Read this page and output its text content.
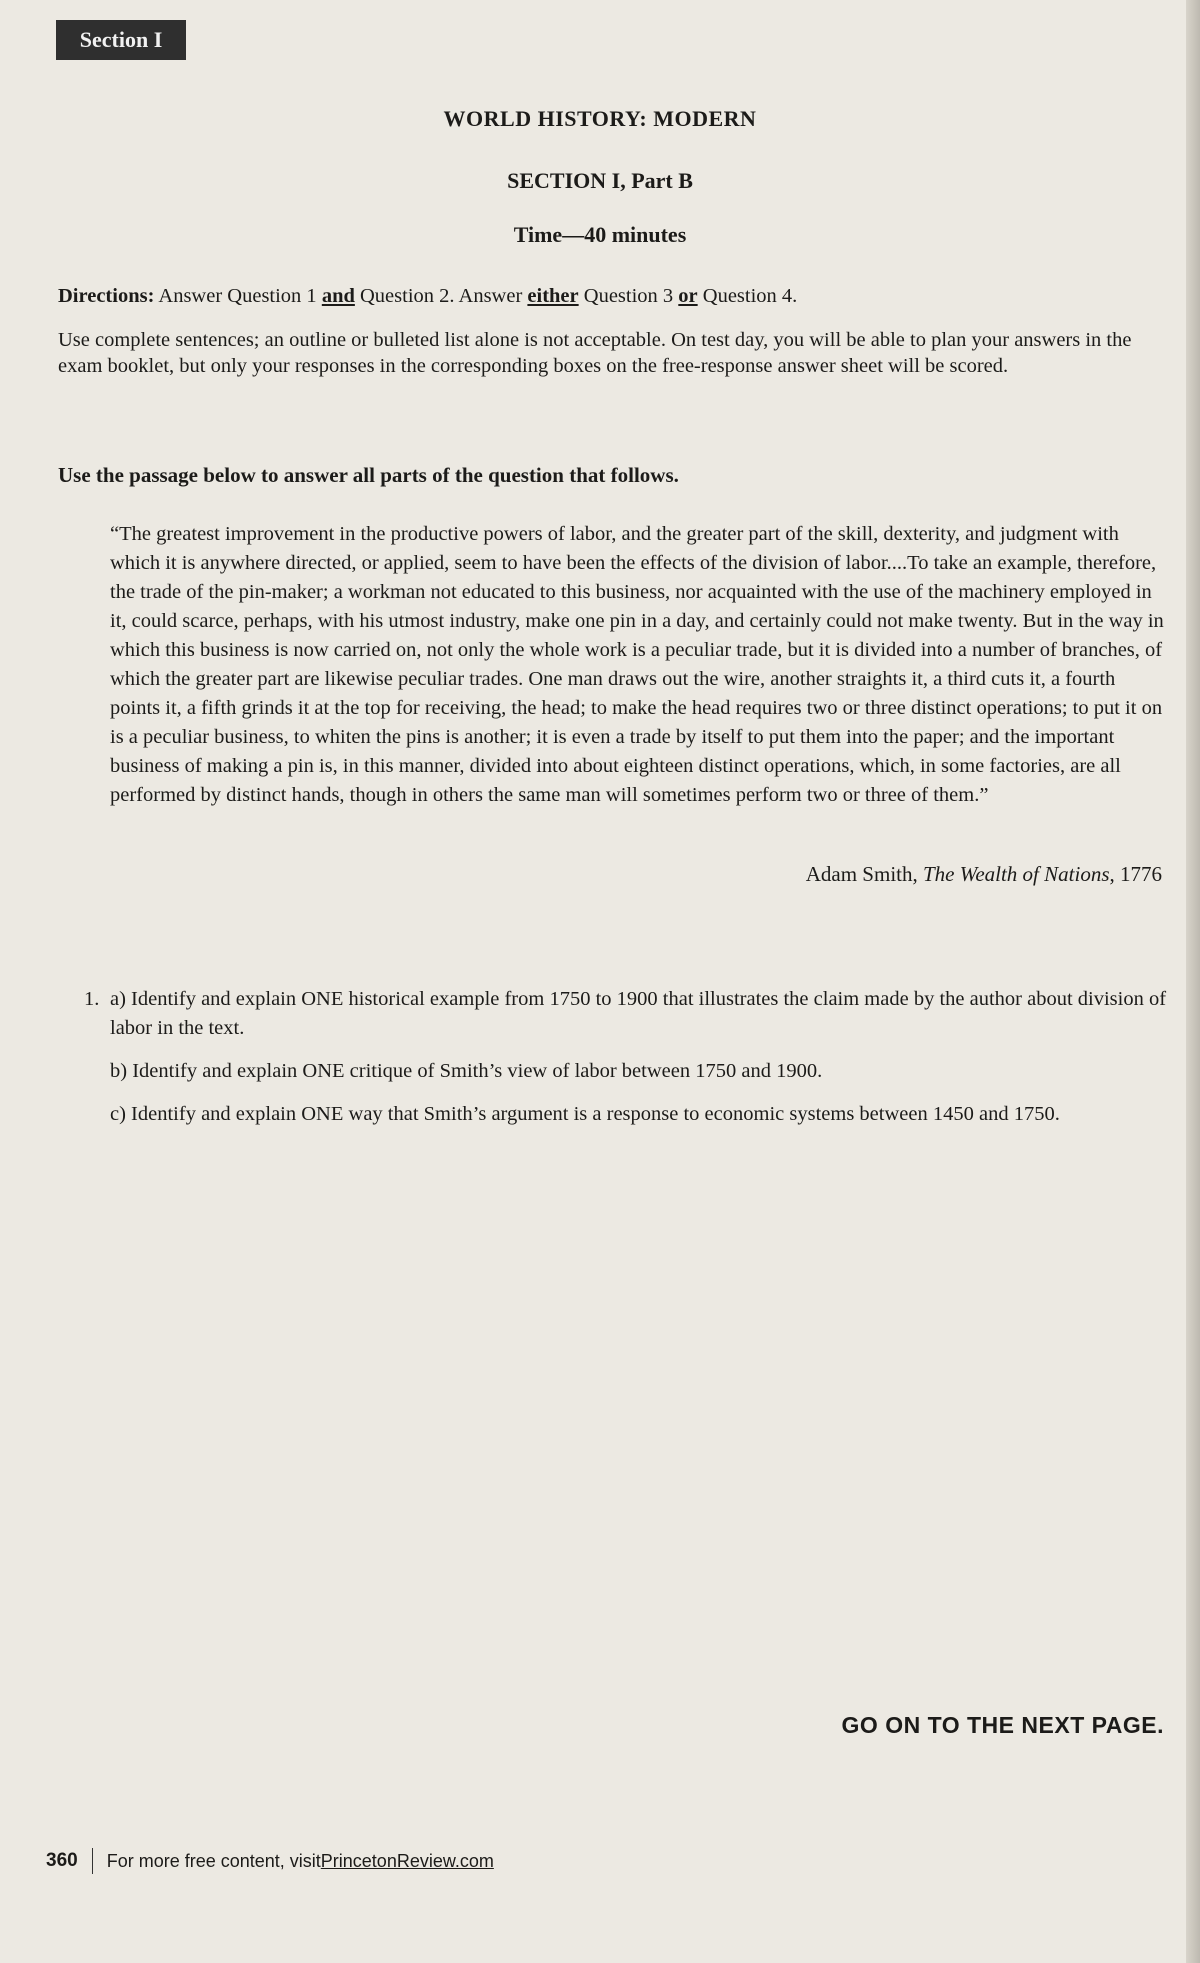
Section I
WORLD HISTORY: MODERN
SECTION I, Part B
Time—40 minutes

Directions: Answer Question 1 and Question 2. Answer either Question 3 or Question 4.

Use complete sentences; an outline or bulleted list alone is not acceptable. On test day, you will be able to plan your answers in the exam booklet, but only your responses in the corresponding boxes on the free-response answer sheet will be scored.

Use the passage below to answer all parts of the question that follows.

“The greatest improvement in the productive powers of labor, and the greater part of the skill, dexterity, and judgment with which it is anywhere directed, or applied, seem to have been the effects of the division of labor....To take an example, therefore, the trade of the pin-maker; a workman not educated to this business, nor acquainted with the use of the machinery employed in it, could scarce, perhaps, with his utmost industry, make one pin in a day, and certainly could not make twenty. But in the way in which this business is now carried on, not only the whole work is a peculiar trade, but it is divided into a number of branches, of which the greater part are likewise peculiar trades. One man draws out the wire, another straights it, a third cuts it, a fourth points it, a fifth grinds it at the top for receiving, the head; to make the head requires two or three distinct operations; to put it on is a peculiar business, to whiten the pins is another; it is even a trade by itself to put them into the paper; and the important business of making a pin is, in this manner, divided into about eighteen distinct operations, which, in some factories, are all performed by distinct hands, though in others the same man will sometimes perform two or three of them.”

Adam Smith, The Wealth of Nations, 1776
1. a) Identify and explain ONE historical example from 1750 to 1900 that illustrates the claim made by the author about division of labor in the text.

b) Identify and explain ONE critique of Smith’s view of labor between 1750 and 1900.

c) Identify and explain ONE way that Smith’s argument is a response to economic systems between 1450 and 1750.

GO ON TO THE NEXT PAGE.
360 For more free content, visit PrincetonReview.com
